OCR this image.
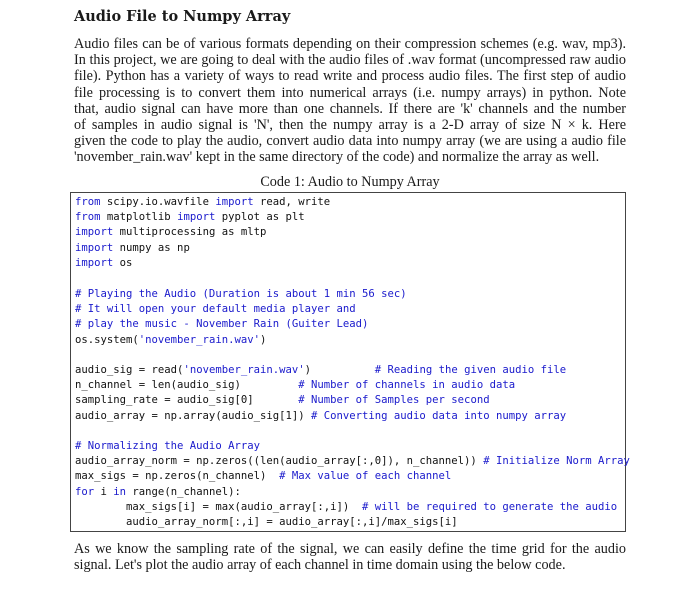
Audio File to Numpy Array
Audio files can be of various formats depending on their compression schemes (e.g. wav, mp3).
In this project, we are going to deal with the audio files of .wav format (uncompressed raw audio
file). Python has a variety of ways to read write and process audio files. The first step of audio
file processing is to convert them into numerical arrays (i.e. numpy arrays) in python. Note
that, audio signal can have more than one channels. If there are 'k' channels and the number
of samples in audio signal is 'N', then the numpy array is a 2-D array of size N × k. Here
given the code to play the audio, convert audio data into numpy array (we are using a audio file
'november_rain.wav' kept in the same directory of the code) and normalize the array as well.
Code 1: Audio to Numpy Array
from scipy.io.wavfile import read, write
from matplotlib import pyplot as plt
import multiprocessing as mltp
import numpy as np
import os
# Playing the Audio (Duration is about 1 min 56 sec)
# It will open your default media player and
# play the music - November Rain (Guiter Lead)
os.system('november_rain.wav')
audio_sig = read('november_rain.wav')          # Reading the given audio file
n_channel = len(audio_sig)         # Number of channels in audio data
sampling_rate = audio_sig[0]       # Number of Samples per second
audio_array = np.array(audio_sig[1]) # Converting audio data into numpy array
# Normalizing the Audio Array
audio_array_norm = np.zeros((len(audio_array[:,0]), n_channel)) # Initialize Norm Array
max_sigs = np.zeros(n_channel)  # Max value of each channel
for i in range(n_channel):
max_sigs[i] = max(audio_array[:,i])  # will be required to generate the audio
audio_array_norm[:,i] = audio_array[:,i]/max_sigs[i]
As we know the sampling rate of the signal, we can easily define the time grid for the audio
signal. Let's plot the audio array of each channel in time domain using the below code.
